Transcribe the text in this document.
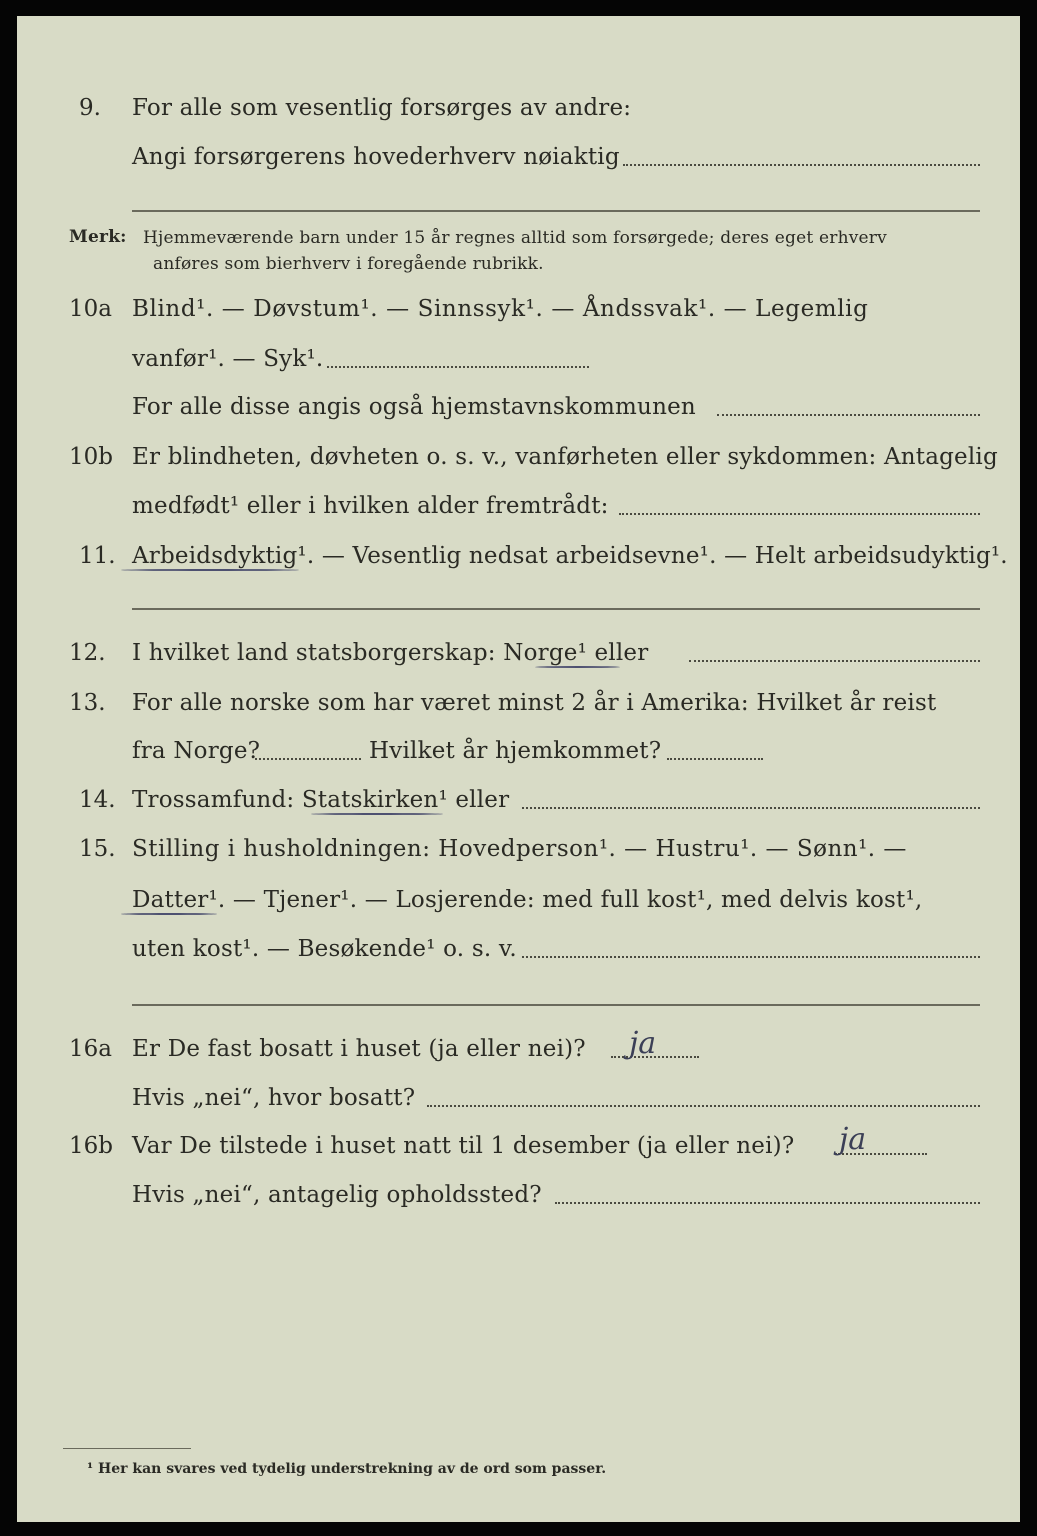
9. For alle som vesentlig forsørges av andre:
Angi forsørgerens hovederhverv nøiaktig
Merk: Hjemmeværende barn under 15 år regnes alltid som forsørgede; deres eget erhverv
anføres som bierhverv i foregående rubrikk.
10a Blind¹. — Døvstum¹. — Sinnssyk¹. — Åndssvak¹. — Legemlig
vanfør¹. — Syk¹.
For alle disse angis også hjemstavnskommunen
10b Er blindheten, døvheten o. s. v., vanførheten eller sykdommen: Antagelig
medfødt¹ eller i hvilken alder fremtrådt:
11. Arbeidsdyktig¹. — Vesentlig nedsat arbeidsevne¹. — Helt arbeidsudyktig¹.
12. I hvilket land statsborgerskap: Norge¹ eller
13. For alle norske som har været minst 2 år i Amerika: Hvilket år reist
fra Norge?	Hvilket år hjemkommet?
14. Trossamfund: Statskirken¹ eller
15. Stilling i husholdningen: Hovedperson¹. — Hustru¹. — Sønn¹. —
Datter¹. — Tjener¹. — Losjerende: med full kost¹, med delvis kost¹,
uten kost¹. — Besøkende¹ o. s. v.
16a Er De fast bosatt i huset (ja eller nei)? ja
Hvis „nei“, hvor bosatt?
16b Var De tilstede i huset natt til 1 desember (ja eller nei)? ja
Hvis „nei“, antagelig opholdssted?
¹ Her kan svares ved tydelig understrekning av de ord som passer.
